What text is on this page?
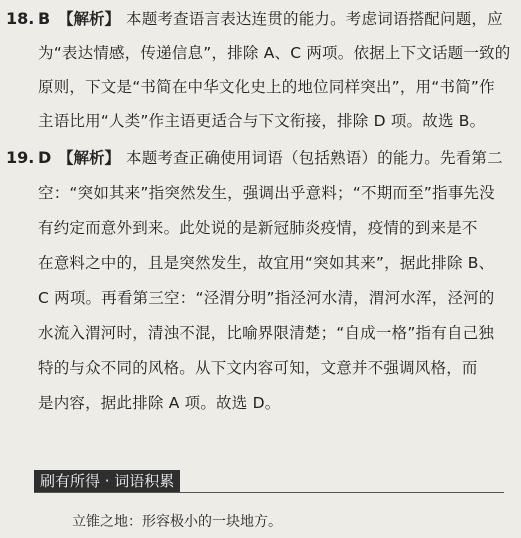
18. B 【解析】 本题考查语言表达连贯的能力。考虑词语搭配问题，应
为“表达情感，传递信息”，排除 A、C 两项。依据上下文话题一致的
原则，下文是“书简在中华文化史上的地位同样突出”，用“书简”作
主语比用“人类”作主语更适合与下文衔接，排除 D 项。故选 B。
19. D 【解析】 本题考查正确使用词语（包括熟语）的能力。先看第二
空：“突如其来”指突然发生，强调出乎意料；“不期而至”指事先没
有约定而意外到来。此处说的是新冠肺炎疫情，疫情的到来是不
在意料之中的，且是突然发生，故宜用“突如其来”，据此排除 B、
C 两项。再看第三空：“泾渭分明”指泾河水清，渭河水浑，泾河的
水流入渭河时，清浊不混，比喻界限清楚；“自成一格”指有自己独
特的与众不同的风格。从下文内容可知，文意并不强调风格，而
是内容，据此排除 A 项。故选 D。
刷有所得 · 词语积累
立锥之地：形容极小的一块地方。
